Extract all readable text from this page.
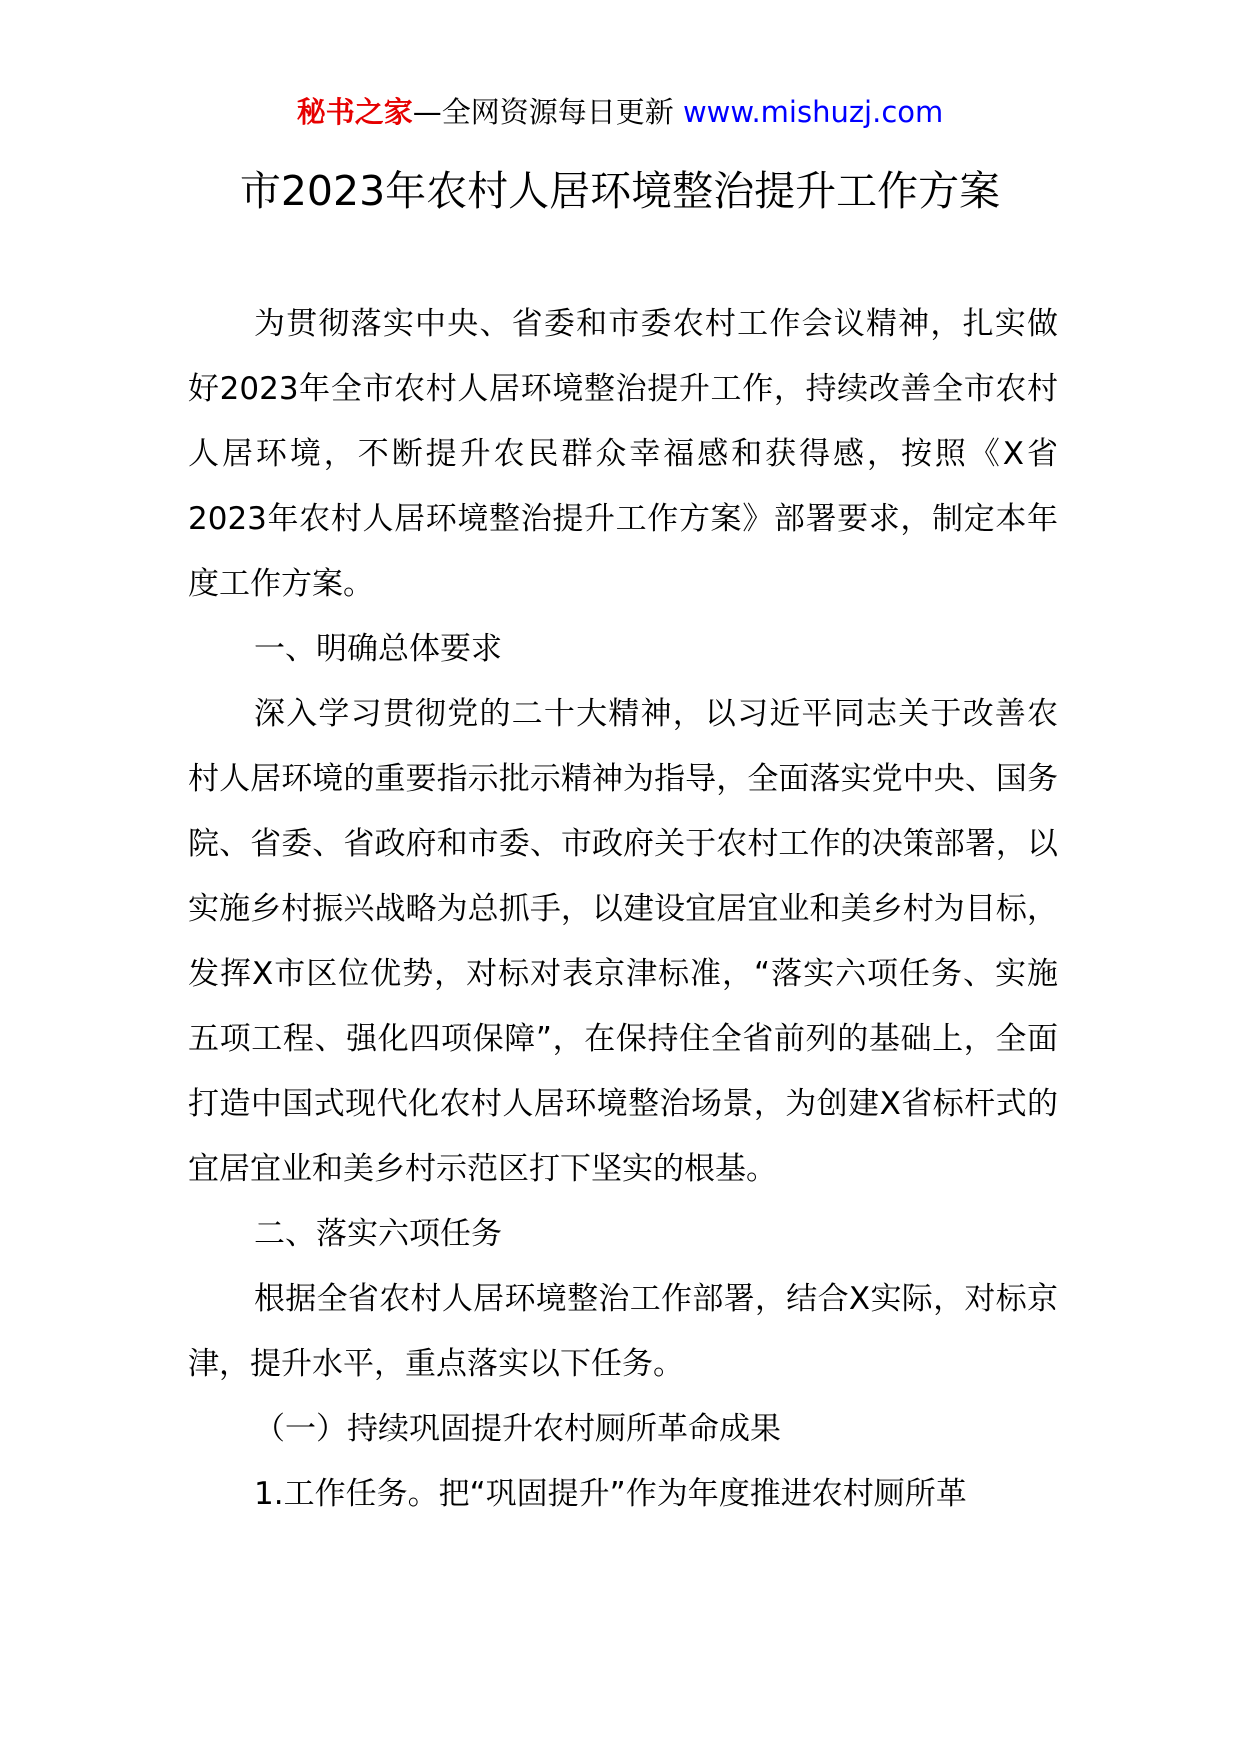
秘书之家—全网资源每日更新 www.mishuzj.com
市2023年农村人居环境整治提升工作方案

为贯彻落实中央、省委和市委农村工作会议精神，扎实做好2023年全市农村人居环境整治提升工作，持续改善全市农村人居环境，不断提升农民群众幸福感和获得感，按照《X省2023年农村人居环境整治提升工作方案》部署要求，制定本年度工作方案。

一、明确总体要求

深入学习贯彻党的二十大精神，以习近平同志关于改善农村人居环境的重要指示批示精神为指导，全面落实党中央、国务院、省委、省政府和市委、市政府关于农村工作的决策部署，以实施乡村振兴战略为总抓手，以建设宜居宜业和美乡村为目标，发挥X市区位优势，对标对表京津标准，“落实六项任务、实施五项工程、强化四项保障”，在保持住全省前列的基础上，全面打造中国式现代化农村人居环境整治场景，为创建X省标杆式的宜居宜业和美乡村示范区打下坚实的根基。

二、落实六项任务

根据全省农村人居环境整治工作部署，结合X实际，对标京津，提升水平，重点落实以下任务。

（一）持续巩固提升农村厕所革命成果

1.工作任务。把“巩固提升”作为年度推进农村厕所革
